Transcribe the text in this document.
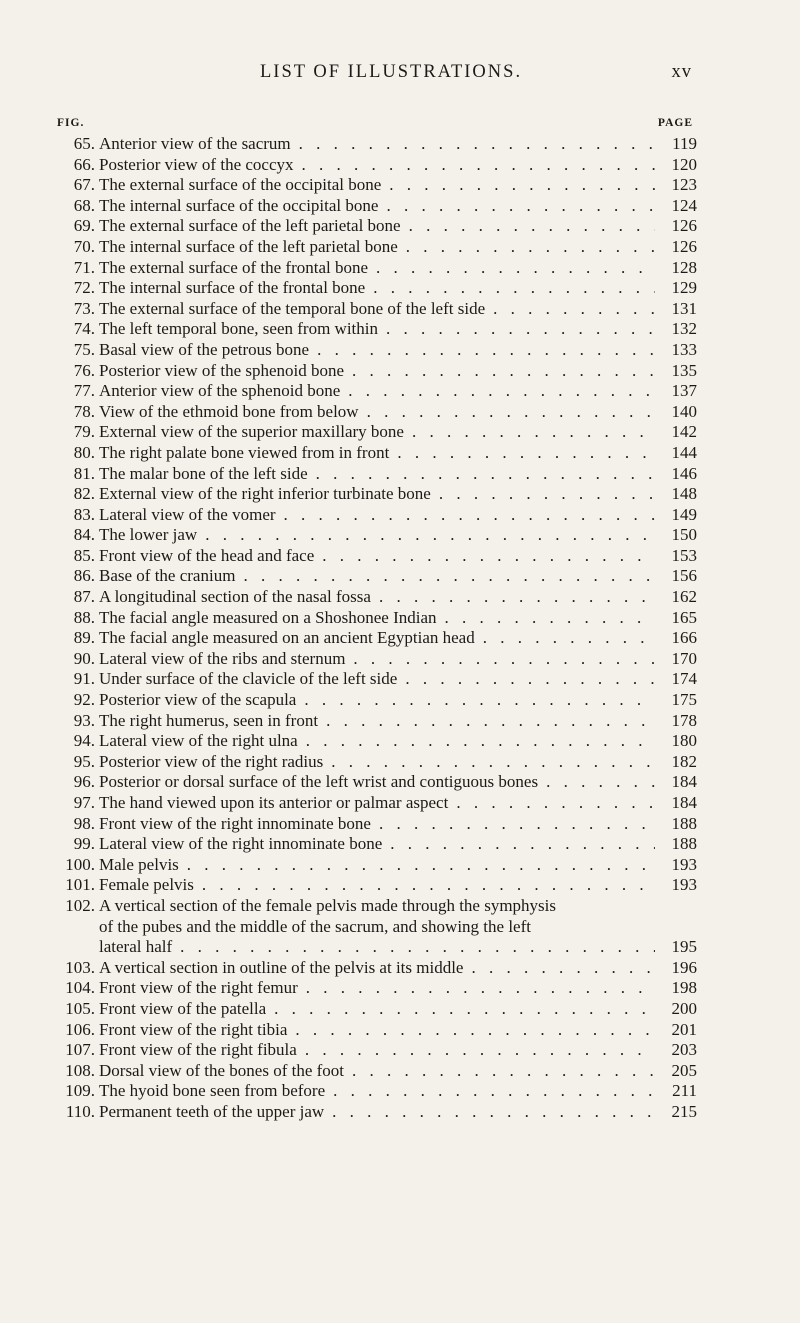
LIST OF ILLUSTRATIONS.	xv
FIG.	PAGE
65. Anterior view of the sacrum . . .	119
66. Posterior view of the coccyx . . .	120
67. The external surface of the occipital bone . . .	123
68. The internal surface of the occipital bone . . .	124
69. The external surface of the left parietal bone . . .	126
70. The internal surface of the left parietal bone . . .	126
71. The external surface of the frontal bone . . .	128
72. The internal surface of the frontal bone . . .	129
73. The external surface of the temporal bone of the left side . . .	131
74. The left temporal bone, seen from within . . .	132
75. Basal view of the petrous bone . . .	133
76. Posterior view of the sphenoid bone . . .	135
77. Anterior view of the sphenoid bone . . .	137
78. View of the ethmoid bone from below . . .	140
79. External view of the superior maxillary bone . . .	142
80. The right palate bone viewed from in front . . .	144
81. The malar bone of the left side . . .	146
82. External view of the right inferior turbinate bone . . .	148
83. Lateral view of the vomer . . .	149
84. The lower jaw . . .	150
85. Front view of the head and face . . .	153
86. Base of the cranium . . .	156
87. A longitudinal section of the nasal fossa . . .	162
88. The facial angle measured on a Shoshonee Indian . . .	165
89. The facial angle measured on an ancient Egyptian head . . .	166
90. Lateral view of the ribs and sternum . . .	170
91. Under surface of the clavicle of the left side . . .	174
92. Posterior view of the scapula . . .	175
93. The right humerus, seen in front . . .	178
94. Lateral view of the right ulna . . .	180
95. Posterior view of the right radius . . .	182
96. Posterior or dorsal surface of the left wrist and contiguous bones . . .	184
97. The hand viewed upon its anterior or palmar aspect . . .	184
98. Front view of the right innominate bone . . .	188
99. Lateral view of the right innominate bone . . .	188
100. Male pelvis . . .	193
101. Female pelvis . . .	193
102. A vertical section of the female pelvis made through the symphysis
of the pubes and the middle of the sacrum, and showing the left
lateral half . . .	195
103. A vertical section in outline of the pelvis at its middle . . .	196
104. Front view of the right femur . . .	198
105. Front view of the patella . . .	200
106. Front view of the right tibia . . .	201
107. Front view of the right fibula . . .	203
108. Dorsal view of the bones of the foot . . .	205
109. The hyoid bone seen from before . . .	211
110. Permanent teeth of the upper jaw . . .	215
